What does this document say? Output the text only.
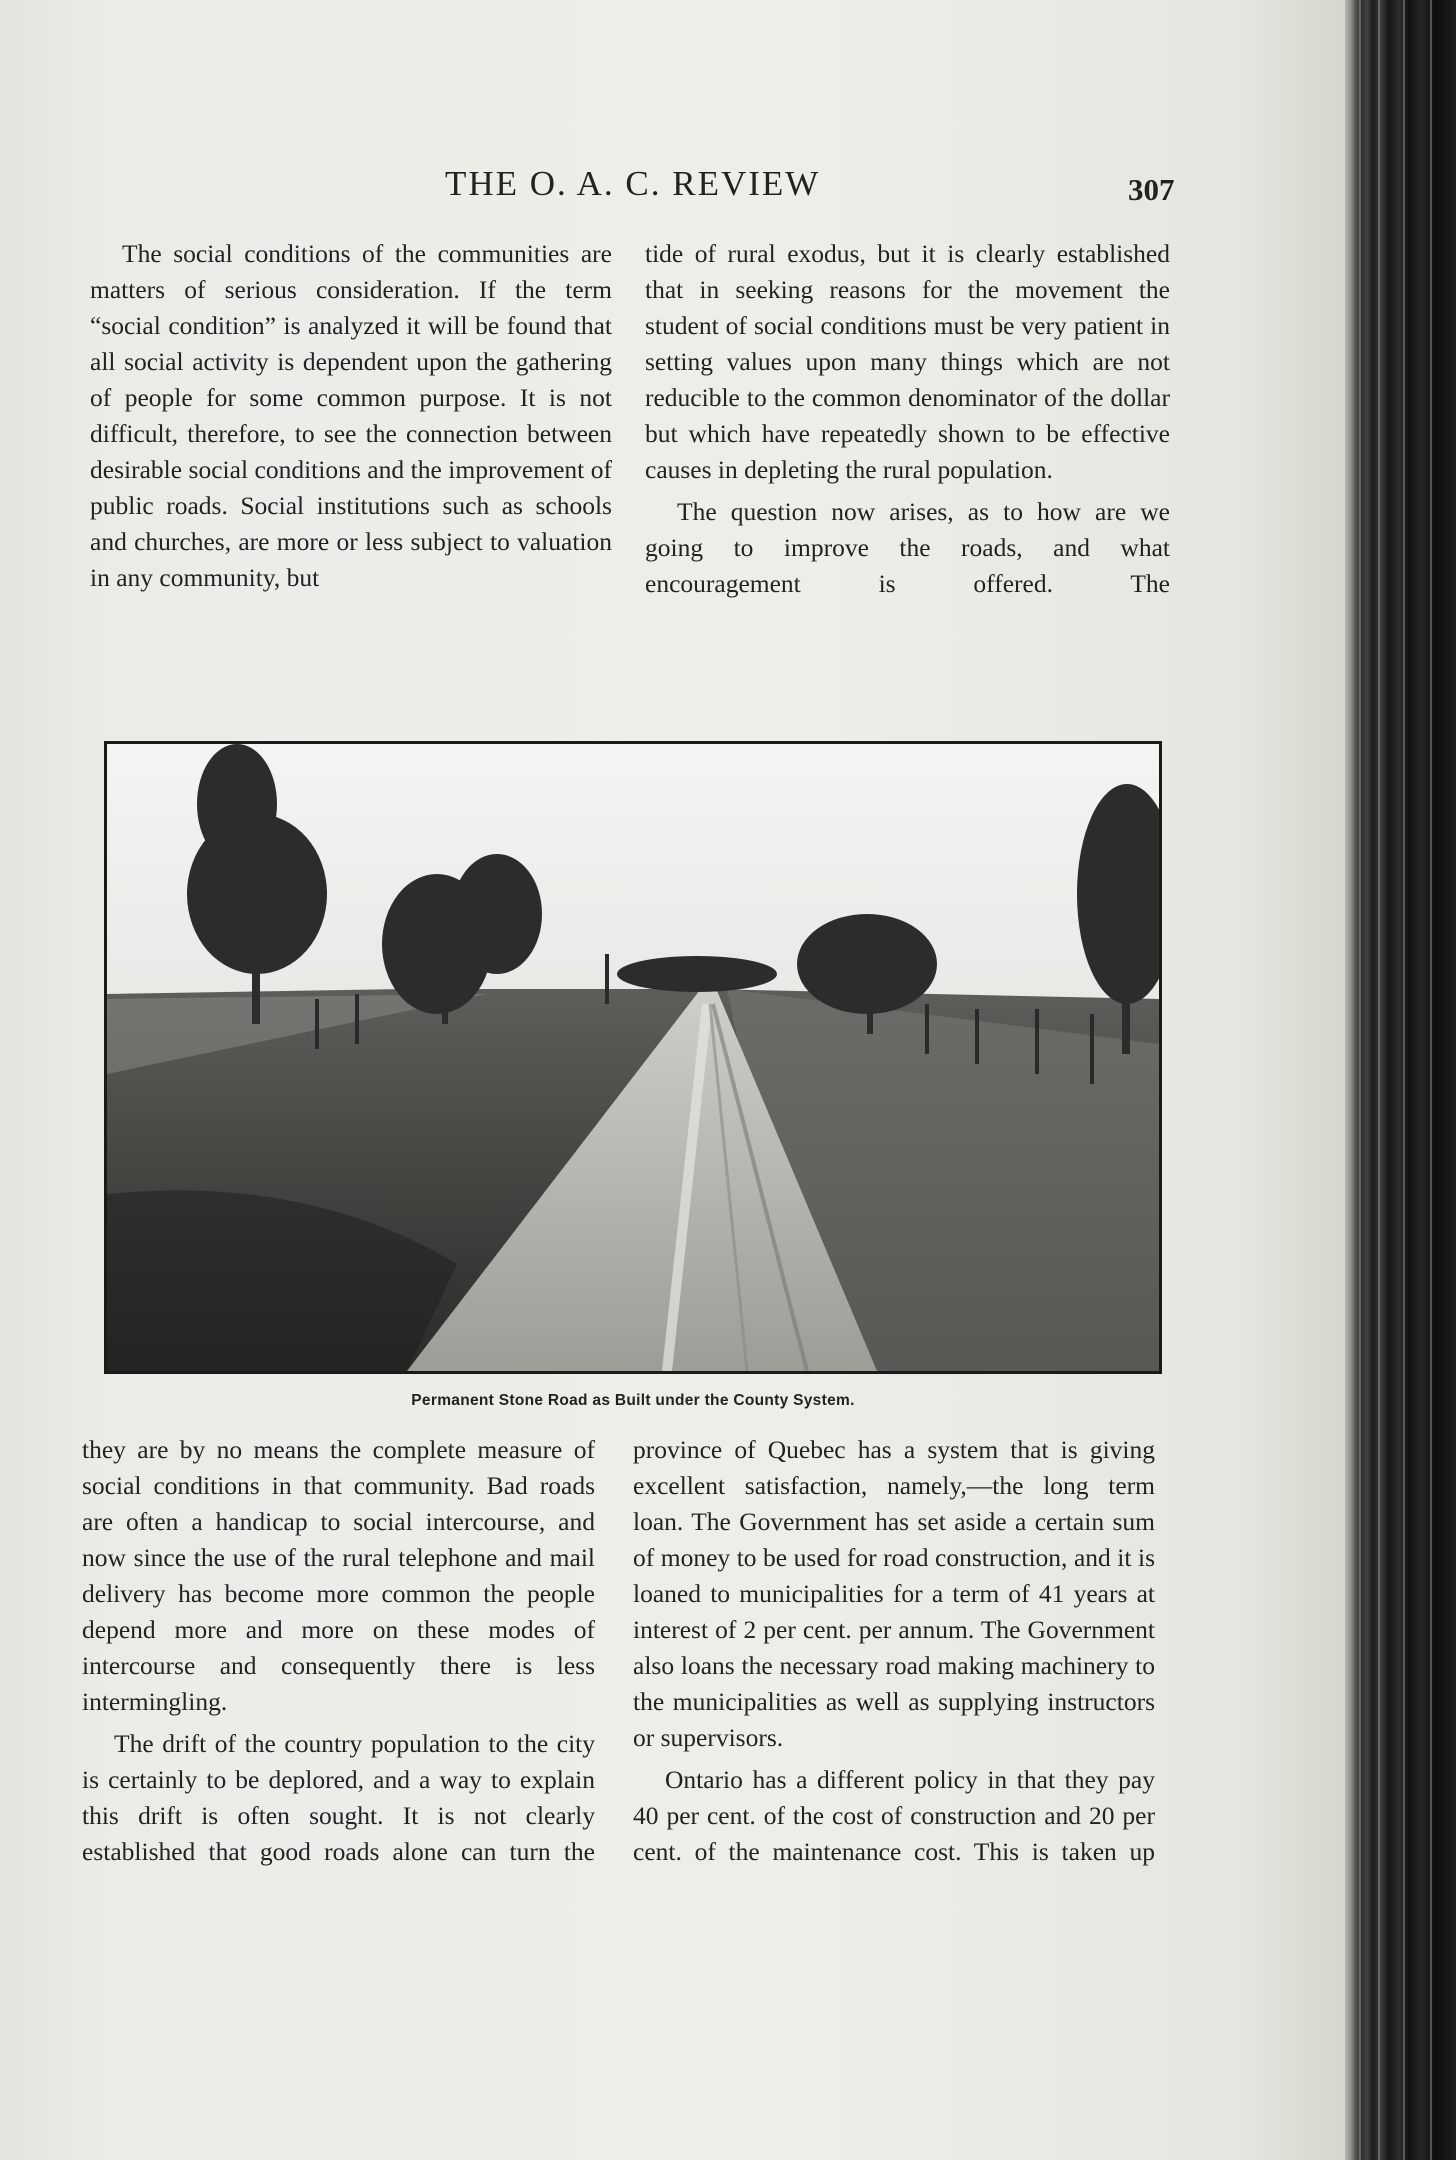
THE O. A. C. REVIEW	307

The social conditions of the communities are matters of serious consideration. If the term “social condition” is analyzed it will be found that all social activity is dependent upon the gathering of people for some common purpose. It is not difficult, therefore, to see the connection between desirable social conditions and the improvement of public roads. Social institutions such as schools and churches, are more or less subject to valuation in any community, but

tide of rural exodus, but it is clearly established that in seeking reasons for the movement the student of social conditions must be very patient in setting values upon many things which are not reducible to the common denominator of the dollar but which have repeatedly shown to be effective causes in depleting the rural population.

The question now arises, as to how are we going to improve the roads, and what encouragement is offered. The

Permanent Stone Road as Built under the County System.

they are by no means the complete measure of social conditions in that community. Bad roads are often a handicap to social intercourse, and now since the use of the rural telephone and mail delivery has become more common the people depend more and more on these modes of intercourse and consequently there is less intermingling.

The drift of the country population to the city is certainly to be deplored, and a way to explain this drift is often sought. It is not clearly established that good roads alone can turn the

province of Quebec has a system that is giving excellent satisfaction, namely,—the long term loan. The Government has set aside a certain sum of money to be used for road construction, and it is loaned to municipalities for a term of 41 years at interest of 2 per cent. per annum. The Government also loans the necessary road making machinery to the municipalities as well as supplying instructors or supervisors.

Ontario has a different policy in that they pay 40 per cent. of the cost of construction and 20 per cent. of the maintenance cost. This is taken up
